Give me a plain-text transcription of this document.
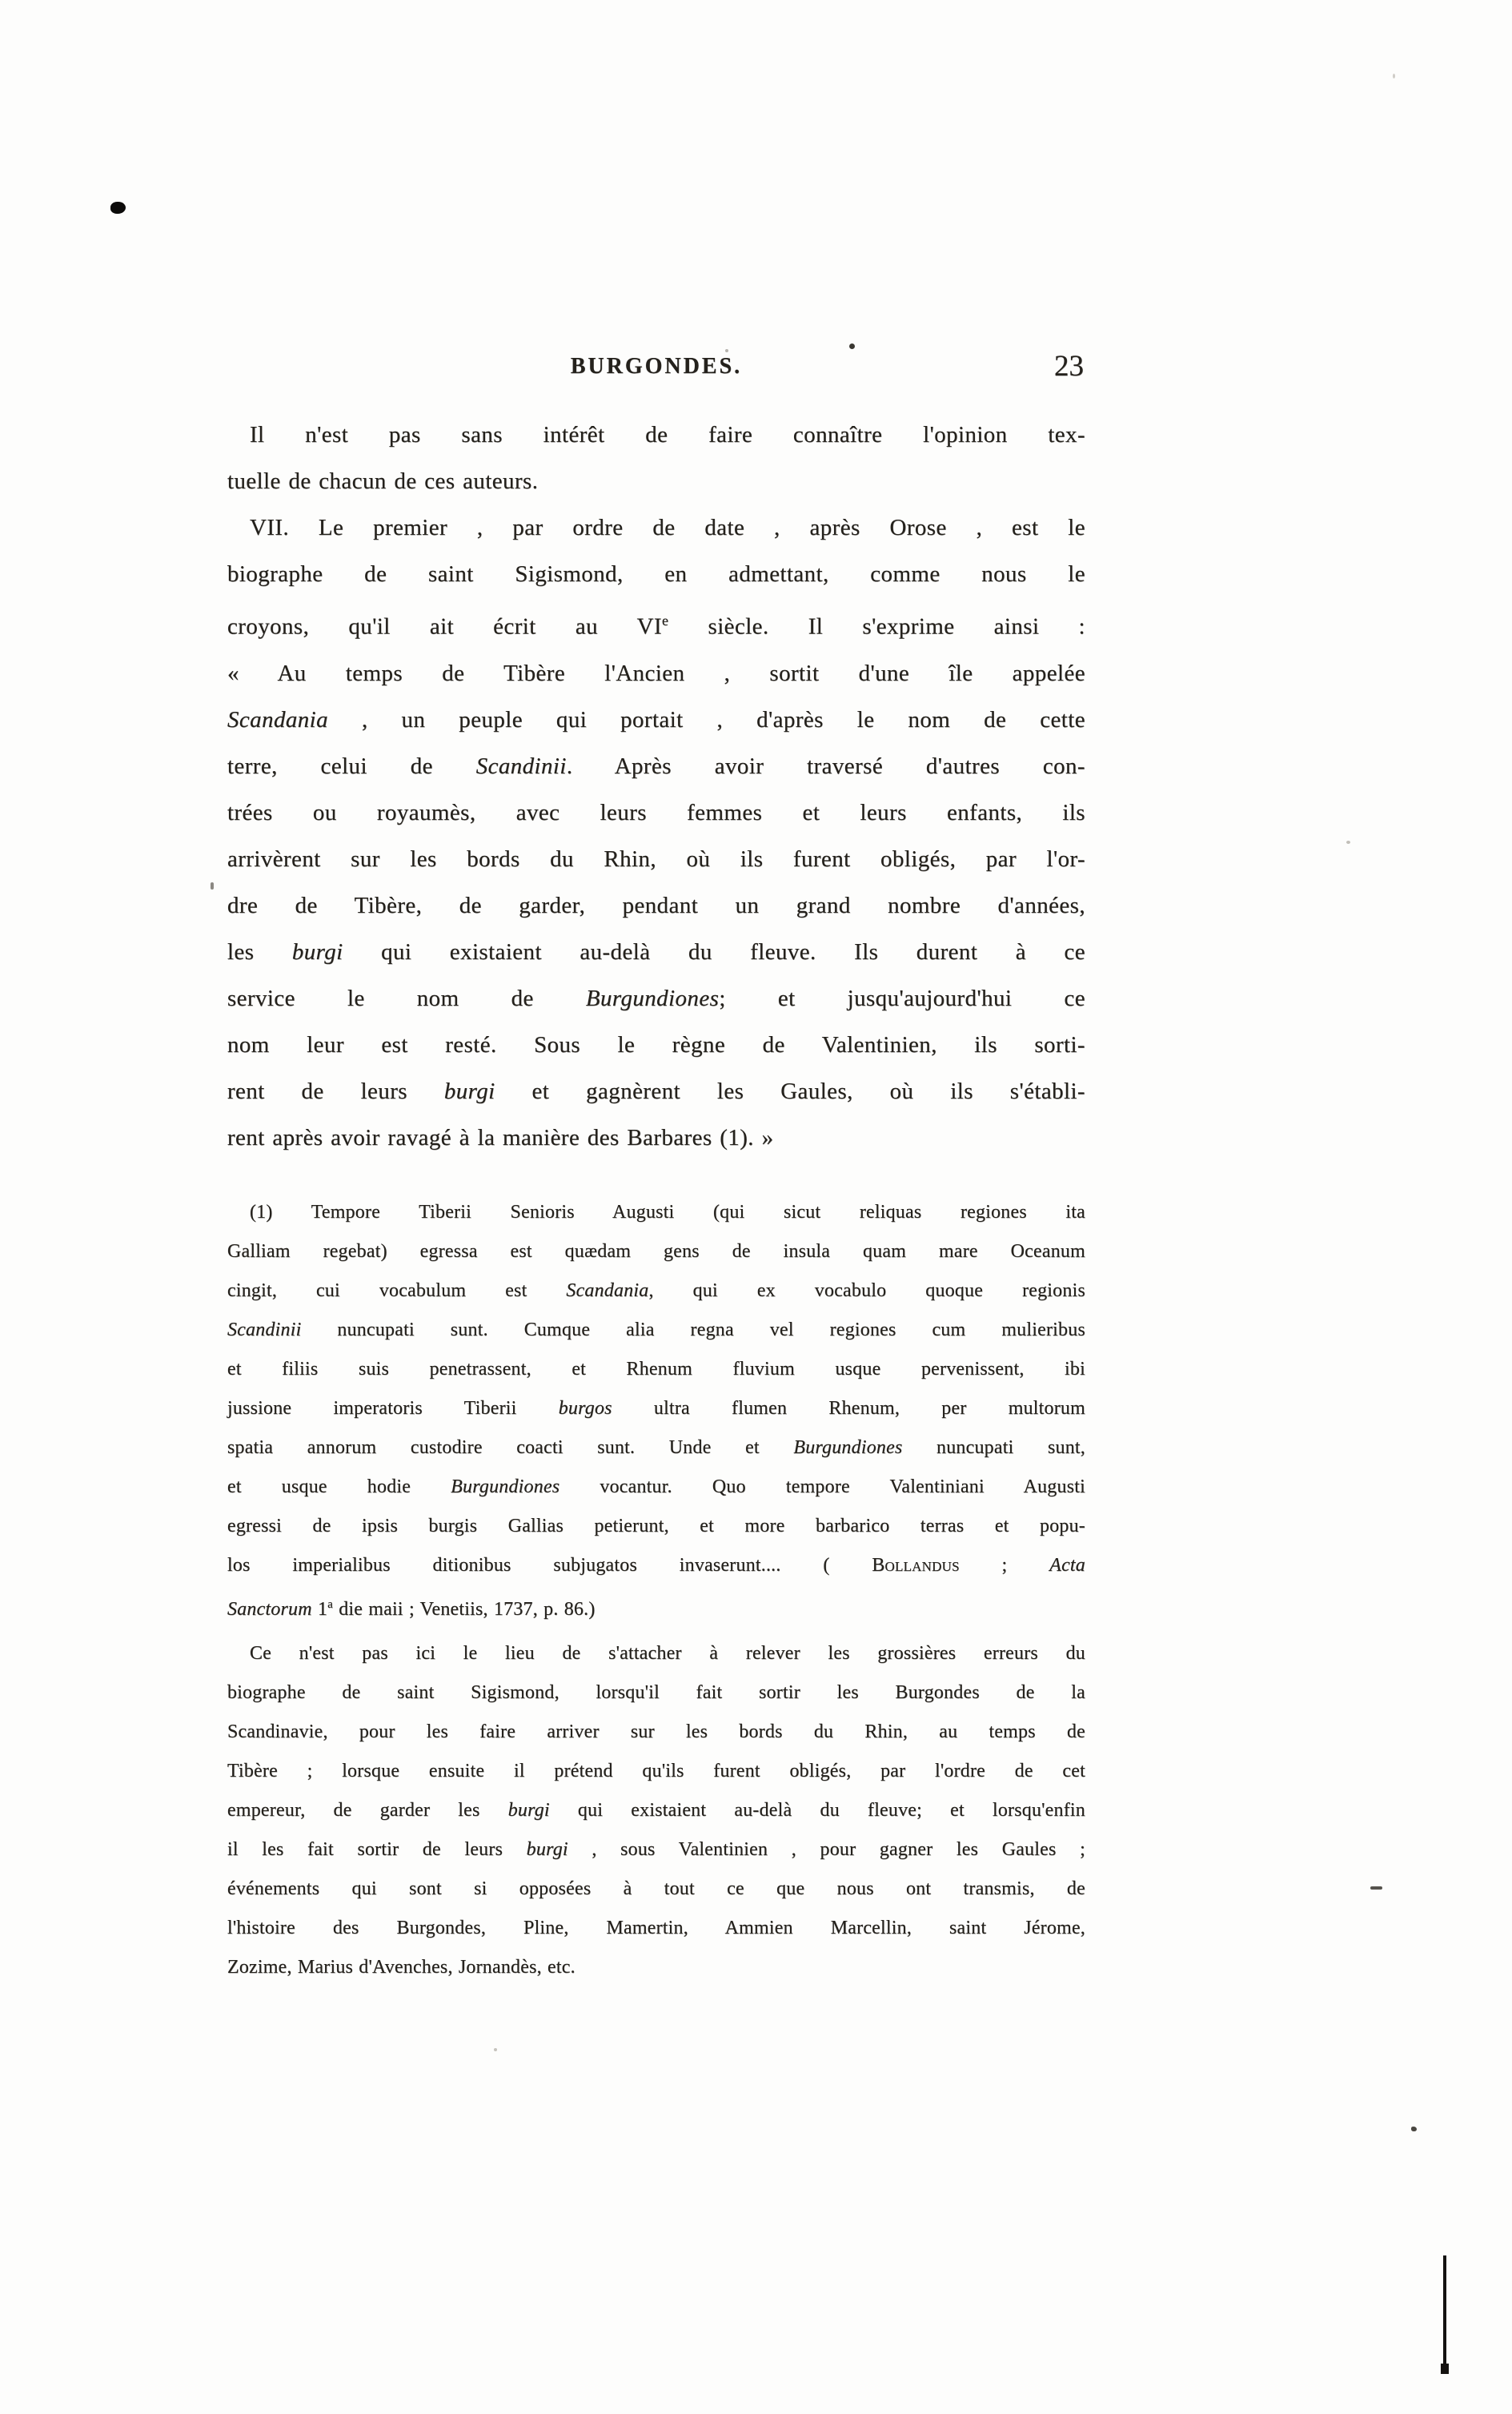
BURGONDES.	23
Il n'est pas sans intérêt de faire connaître l'opinion tex-
tuelle de chacun de ces auteurs.
VII. Le premier , par ordre de date , après Orose , est le
biographe de saint Sigismond, en admettant, comme nous le
croyons, qu'il ait écrit au VIe siècle. Il s'exprime ainsi :
« Au temps de Tibère l'Ancien , sortit d'une île appelée
Scandania , un peuple qui portait , d'après le nom de cette
terre, celui de Scandinii. Après avoir traversé d'autres con-
trées ou royaumès, avec leurs femmes et leurs enfants, ils
arrivèrent sur les bords du Rhin, où ils furent obligés, par l'or-
dre de Tibère, de garder, pendant un grand nombre d'années,
les burgi qui existaient au-delà du fleuve. Ils durent à ce
service le nom de Burgundiones; et jusqu'aujourd'hui ce
nom leur est resté. Sous le règne de Valentinien, ils sorti-
rent de leurs burgi et gagnèrent les Gaules, où ils s'établi-
rent après avoir ravagé à la manière des Barbares (1). »
(1) Tempore Tiberii Senioris Augusti (qui sicut reliquas regiones ita
Galliam regebat) egressa est quædam gens de insula quam mare Oceanum
cingit, cui vocabulum est Scandania, qui ex vocabulo quoque regionis
Scandinii nuncupati sunt. Cumque alia regna vel regiones cum mulieribus
et filiis suis penetrassent, et Rhenum fluvium usque pervenissent, ibi
jussione imperatoris Tiberii burgos ultra flumen Rhenum, per multorum
spatia annorum custodire coacti sunt. Unde et Burgundiones nuncupati sunt,
et usque hodie Burgundiones vocantur. Quo tempore Valentiniani Augusti
egressi de ipsis burgis Gallias petierunt, et more barbarico terras et popu-
los imperialibus ditionibus subjugatos invaserunt.... ( Bollandus ; Acta
Sanctorum 1$^a$ die maii ; Venetiis, 1737, p. 86.)
Ce n'est pas ici le lieu de s'attacher à relever les grossières erreurs du
biographe de saint Sigismond, lorsqu'il fait sortir les Burgondes de la
Scandinavie, pour les faire arriver sur les bords du Rhin, au temps de
Tibère ; lorsque ensuite il prétend qu'ils furent obligés, par l'ordre de cet
empereur, de garder les burgi qui existaient au-delà du fleuve; et lorsqu'enfin
il les fait sortir de leurs burgi , sous Valentinien , pour gagner les Gaules ;
événements qui sont si opposées à tout ce que nous ont transmis, de
l'histoire des Burgondes, Pline, Mamertin, Ammien Marcellin, saint Jérome,
Zozime, Marius d'Avenches, Jornandès, etc.
